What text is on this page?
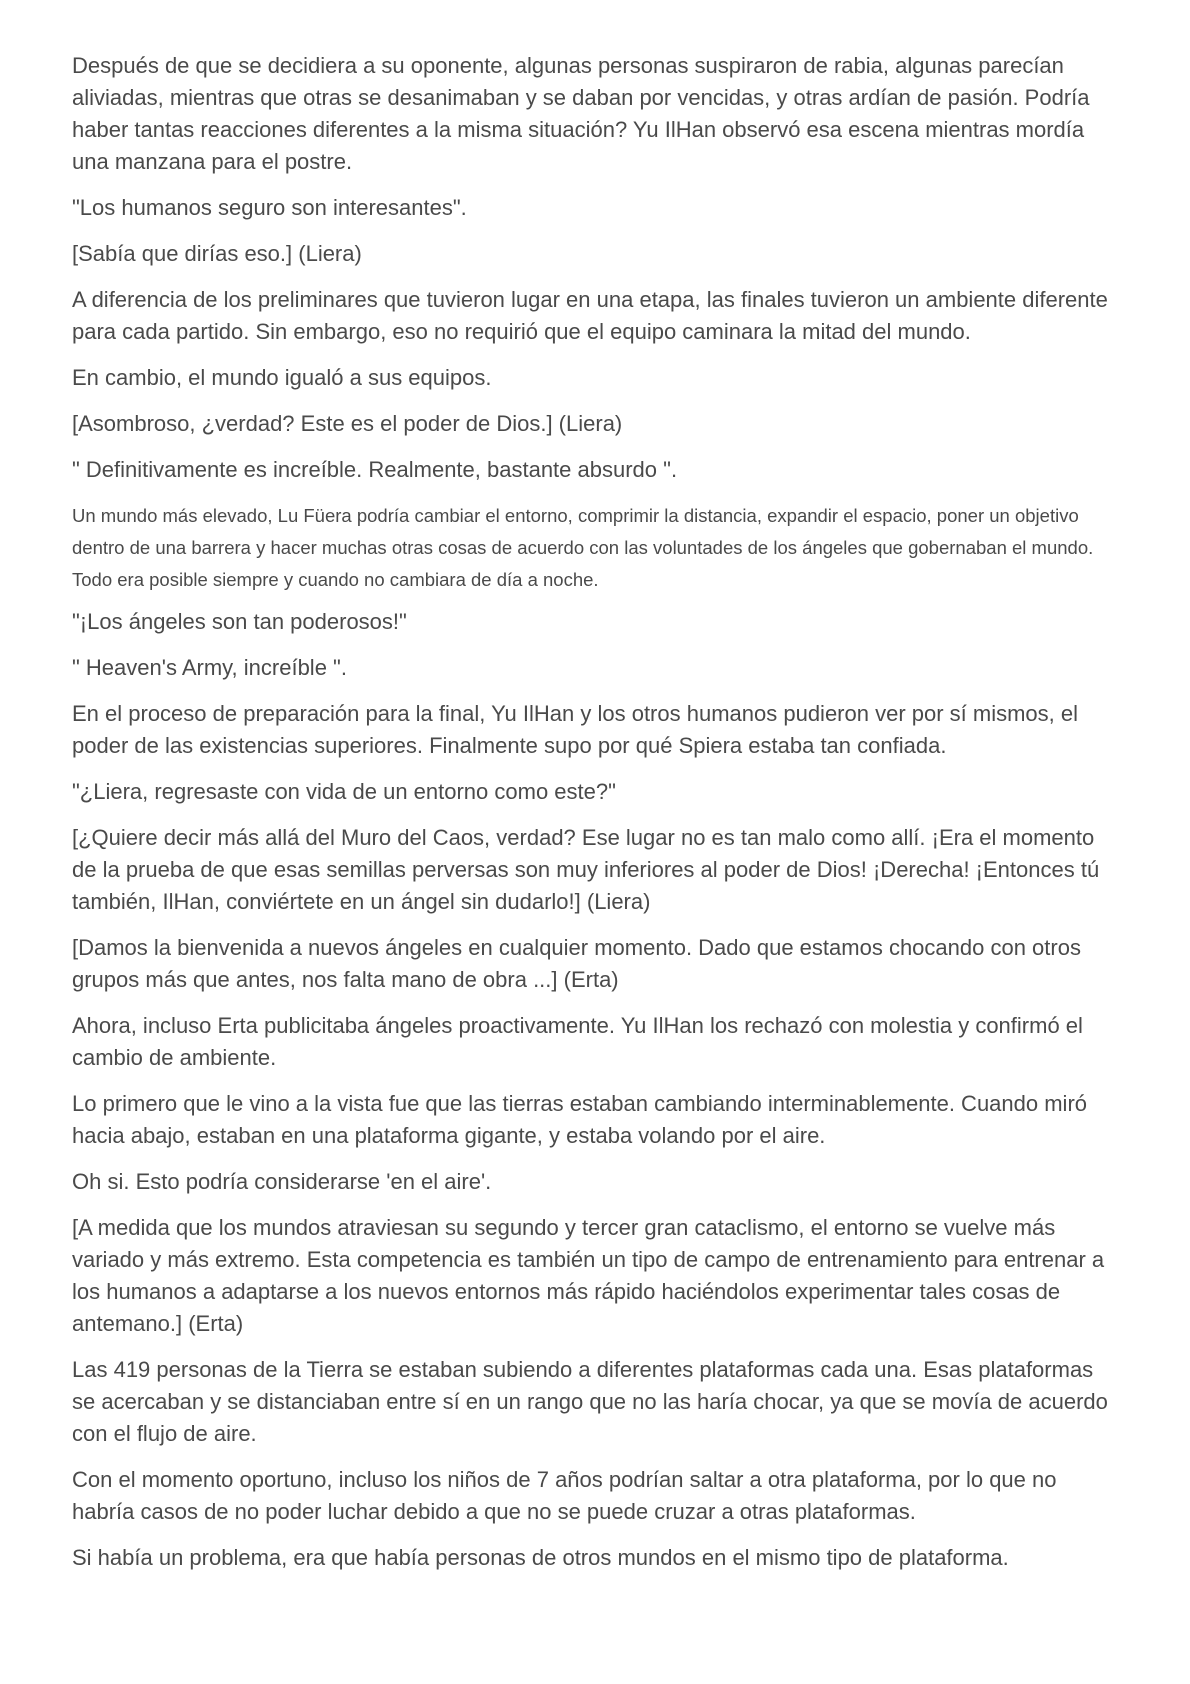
Después de que se decidiera a su oponente, algunas personas suspiraron de rabia, algunas parecían aliviadas, mientras que otras se desanimaban y se daban por vencidas, y otras ardían de pasión. Podría haber tantas reacciones diferentes a la misma situación? Yu IlHan observó esa escena mientras mordía una manzana para el postre.

"Los humanos seguro son interesantes".

[Sabía que dirías eso.] (Liera)

A diferencia de los preliminares que tuvieron lugar en una etapa, las finales tuvieron un ambiente diferente para cada partido. Sin embargo, eso no requirió que el equipo caminara la mitad del mundo.

En cambio, el mundo igualó a sus equipos.

[Asombroso, ¿verdad? Este es el poder de Dios.] (Liera)

" Definitivamente es increíble. Realmente, bastante absurdo ".

Un mundo más elevado, Lu Füera podría cambiar el entorno, comprimir la distancia, expandir el espacio, poner un objetivo dentro de una barrera y hacer muchas otras cosas de acuerdo con las voluntades de los ángeles que gobernaban el mundo. Todo era posible siempre y cuando no cambiara de día a noche.

"¡Los ángeles son tan poderosos!"

" Heaven's Army, increíble ".

En el proceso de preparación para la final, Yu IlHan y los otros humanos pudieron ver por sí mismos, el poder de las existencias superiores. Finalmente supo por qué Spiera estaba tan confiada.

"¿Liera, regresaste con vida de un entorno como este?"

[¿Quiere decir más allá del Muro del Caos, verdad? Ese lugar no es tan malo como allí. ¡Era el momento de la prueba de que esas semillas perversas son muy inferiores al poder de Dios! ¡Derecha! ¡Entonces tú también, IlHan, conviértete en un ángel sin dudarlo!] (Liera)

[Damos la bienvenida a nuevos ángeles en cualquier momento. Dado que estamos chocando con otros grupos más que antes, nos falta mano de obra ...] (Erta)

Ahora, incluso Erta publicitaba ángeles proactivamente. Yu IlHan los rechazó con molestia y confirmó el cambio de ambiente.

Lo primero que le vino a la vista fue que las tierras estaban cambiando interminablemente. Cuando miró hacia abajo, estaban en una plataforma gigante, y estaba volando por el aire.

Oh si. Esto podría considerarse 'en el aire'.

[A medida que los mundos atraviesan su segundo y tercer gran cataclismo, el entorno se vuelve más variado y más extremo. Esta competencia es también un tipo de campo de entrenamiento para entrenar a los humanos a adaptarse a los nuevos entornos más rápido haciéndolos experimentar tales cosas de antemano.] (Erta)

Las 419 personas de la Tierra se estaban subiendo a diferentes plataformas cada una. Esas plataformas se acercaban y se distanciaban entre sí en un rango que no las haría chocar, ya que se movía de acuerdo con el flujo de aire.

Con el momento oportuno, incluso los niños de 7 años podrían saltar a otra plataforma, por lo que no habría casos de no poder luchar debido a que no se puede cruzar a otras plataformas.

Si había un problema, era que había personas de otros mundos en el mismo tipo de plataforma.
